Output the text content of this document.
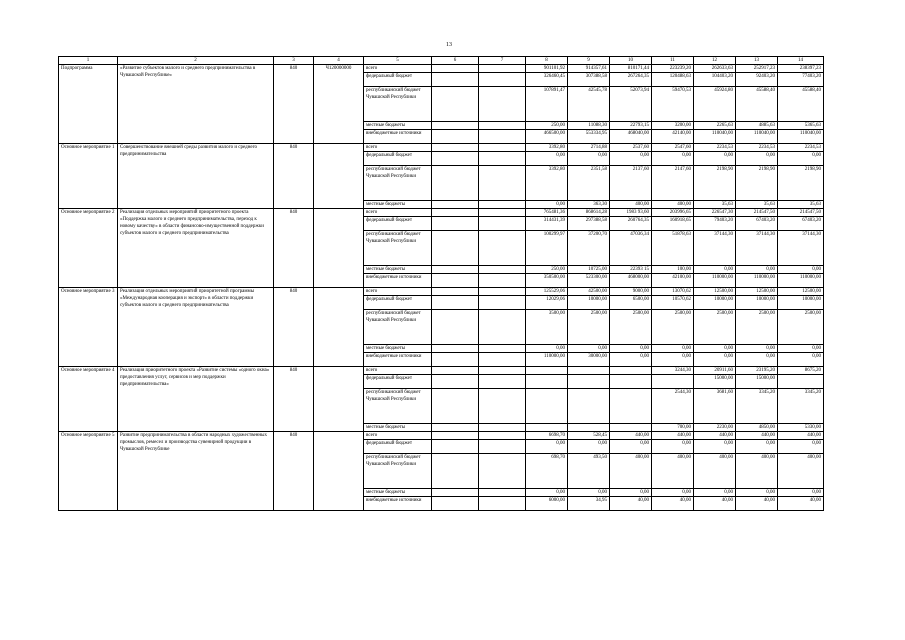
13
1	2	3	4	5	6	7	8	9	10	11	12	13	14
Подпрограмма	«Развитие субъектов малого и среднего предпринимательства в Чувашской Республике»	840	Ч120000000	всего			901101,92	914357,61	810171,44	223239,20	262633,63	252917,23	238397,23
				федеральный бюджет			326460,45	307388,58	267264,35	120488,63	104403,20	92403,20	77403,20
				республиканский бюджет Чувашской Республики			107891,47	42545,78	52073,94	59470,53	45924,80	45588,40	45588,40
				местные бюджеты			250,00	11088,30	22793,15	3200,00	2265,63	4885,63	5365,63
				внебюджетные источники			466500,00	553334,95	468040,00	42140,00	110040,00	110040,00	110040,00
Основное мероприятие 1	Совершенствование внешней среды развития малого и среднего предпринимательства	840		всего			3392,80	2714,88	2537,60	2547,60	2234,53	2234,53	2234,53
				федеральный бюджет			0,00	0,00	0,00	0,00	0,00	0,00	0,00
				республиканский бюджет Чувашской Республики			3392,80	2351,58	2137,60	2147,60	2198,90	2198,90	2198,90
				местные бюджеты			0,00	363,30	400,00	400,00	35,63	35,63	35,63
Основное мероприятие 2	Реализация отдельных мероприятий приоритетного проекта «Поддержка малого и среднего предпринимательства, переход к новому качеству» в области финансово-имущественной поддержки субъектов малого и среднего предпринимательства	840		всего			765481,36	868614,28	1983 93,60	203996,65	226547,30	214547,50	214547,50
				федеральный бюджет			314431,39	297388,58	260764,35	160918,65	79403,20	67403,20	67403,20
				республиканский бюджет Чувашской Республики			100299,97	37200,70	47036,34	51878,63	37144,30	37144,30	37144,30
				местные бюджеты			250,00	10725,00	22393 15	100,00	0,00	0,00	0,00
				внебюджетные источники			350500,00	523300,00	468000,00	42100,00	110000,00	110000,00	110000,00
Основное мероприятие 3	Реализация отдельных мероприятий приоритетной программы «Международная кооперация и экспорт» в области поддержки субъектов малого и среднего предпринимательства	840		всего			125529,06	42500,00	9000,00	13070,62	12500,00	12500,00	12500,00
				федеральный бюджет			12029,06	10000,00	6500,00	10570,62	10000,00	10000,00	10000,00
				республиканский бюджет Чувашской Республики			3500,00	2500,00	2500,00	2500,00	2500,00	2500,00	2500,00
				местные бюджеты			0,00	0,00	0,00	0,00	0,00	0,00	0,00
				внебюджетные источники			110000,00	30000,00	0,00	0,00	0,00	0,00	0,00
Основное мероприятие 4	Реализация приоритетного проекта «Развитие системы «одного окна» предоставления услуг, сервисов и мер поддержки предпринимательства»	840		всего						3244,30	20911,60	23195,20	8675,20
				федеральный бюджет							15000,00	15000,00	
				республиканский бюджет Чувашской Республики						2544,30	3681,60	3345,20	3345,20
				местные бюджеты						700,00	2230,00	4850,00	5330,00
Основное мероприятие 5	Развитие предпринимательства в области народных художественных промыслов, ремесел и производства сувенирной продукции в Чувашской Республике	840		всего			6698,70	528,45	440,00	440,00	440,00	440,00	440,00
				федеральный бюджет			0,00	0,00	0,00	0,00	0,00	0,00	0,00
				республиканский бюджет Чувашской Республики			698,70	493,50	400,00	400,00	400,00	400,00	400,00
				местные бюджеты			0,00	0,00	0,00	0,00	0,00	0,00	0,00
				внебюджетные источники			6000,00	34,95	40,00	40,00	40,00	40,00	40,00
